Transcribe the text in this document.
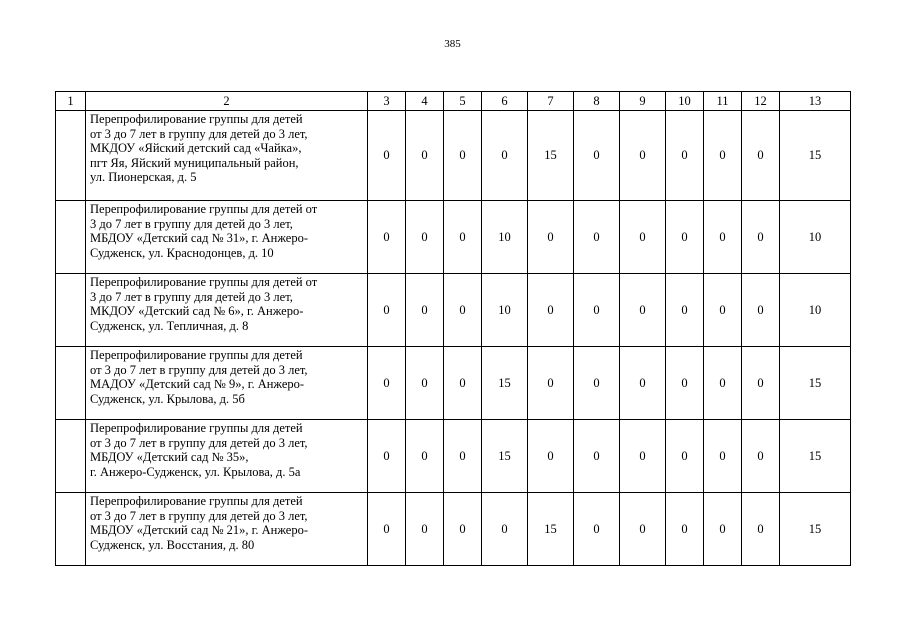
385
1	2	3	4	5	6	7	8	9	10	11	12	13

	Перепрофилирование группы для детей
от 3 до 7 лет в группу для детей до 3 лет,
МКДОУ «Яйский детский сад «Чайка»,
пгт Яя, Яйский муниципальный район,
ул. Пионерская, д. 5	0	0	0	0	15	0	0	0	0	0	15

	Перепрофилирование группы для детей от
3 до 7 лет в группу для детей до 3 лет,
МБДОУ «Детский сад № 31», г. Анжеро-
Судженск, ул. Краснодонцев, д. 10	0	0	0	10	0	0	0	0	0	0	10

	Перепрофилирование группы для детей от
3 до 7 лет в группу для детей до 3 лет,
МКДОУ «Детский сад № 6», г. Анжеро-
Судженск, ул. Тепличная, д. 8	0	0	0	10	0	0	0	0	0	0	10

	Перепрофилирование группы для детей
от 3 до 7 лет в группу для детей до 3 лет,
МАДОУ «Детский сад № 9», г. Анжеро-
Судженск, ул. Крылова, д. 5б	0	0	0	15	0	0	0	0	0	0	15

	Перепрофилирование группы для детей
от 3 до 7 лет в группу для детей до 3 лет,
МБДОУ «Детский сад № 35»,
г. Анжеро-Судженск, ул. Крылова, д. 5а	0	0	0	15	0	0	0	0	0	0	15

	Перепрофилирование группы для детей
от 3 до 7 лет в группу для детей до 3 лет,
МБДОУ «Детский сад № 21», г. Анжеро-
Судженск, ул. Восстания, д. 80	0	0	0	0	15	0	0	0	0	0	15
